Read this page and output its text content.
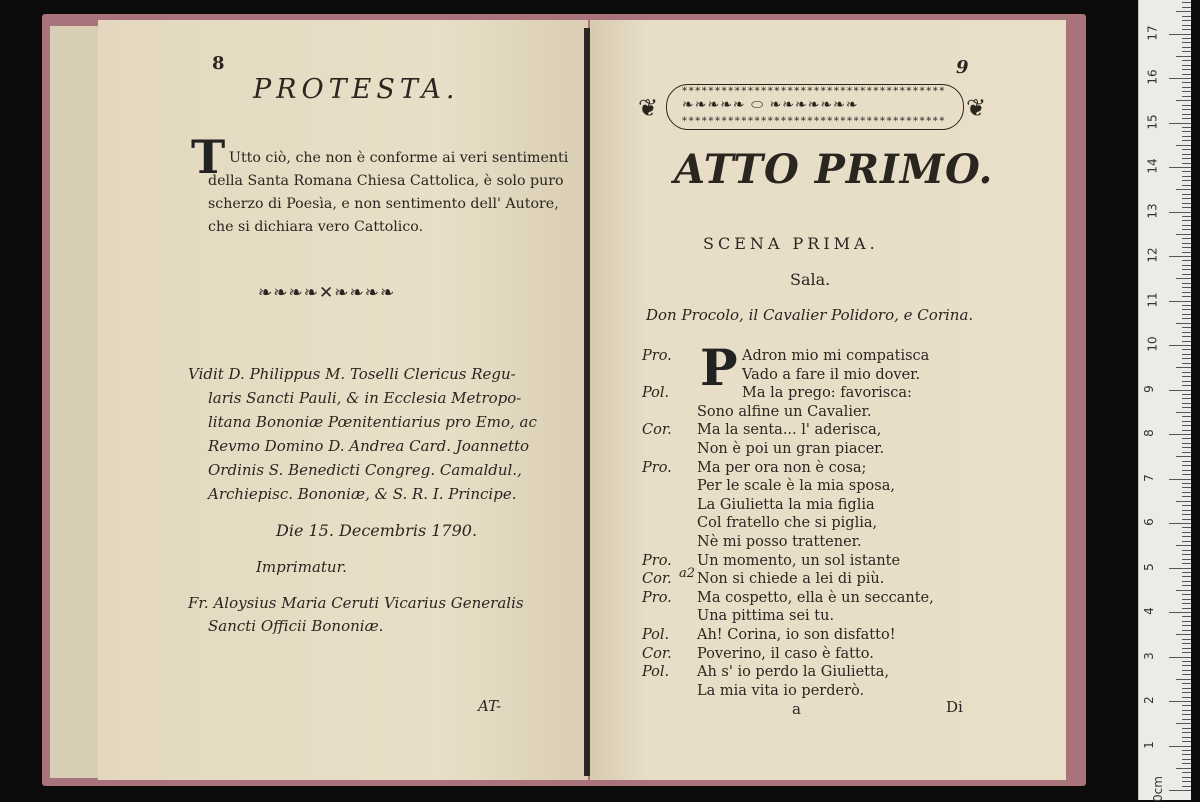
8
PROTESTA.
T Utto ciò, che non è conforme ai veri sentimenti
della Santa Romana Chiesa Cattolica, è solo puro
scherzo di Poesìa, e non sentimento dell' Autore,
che si dichiara vero Cattolico.
❧❧❧❧✕❧❧❧❧
Vidit D. Philippus M. Toselli Clericus Regu-
laris Sancti Pauli, & in Ecclesia Metropo-
litana Bononiæ Pœnitentiarius pro Emo, ac
Revmo Domino D. Andrea Card. Joannetto
Ordinis S. Benedicti Congreg. Camaldul.,
Archiepisc. Bononiæ, & S. R. I. Principe.
Die 15. Decembris 1790.
Imprimatur.
Fr. Aloysius Maria Ceruti Vicarius Generalis
Sancti Officii Bononiæ.
AT-
9
❦
****************************************
❧❧❧❧❧ ⬭ ❧❧❧❧❧❧❧
**************************************** ❦
ATTO PRIMO.
SCENA PRIMA.
Sala.
Don Procolo, il Cavalier Polidoro, e Corina.
P
Pro.	Adron mio mi compatisca
Vado a fare il mio dover.
Pol.	Ma la prego: favorisca:
Sono alfine un Cavalier.
Cor. Ma la senta... l' aderisca,
Non è poi un gran piacer.
Pro. Ma per ora non è cosa;
Per le scale è la mia sposa,
La Giulietta la mia figlia
Col fratello che si piglia,
Nè mi posso trattener.
Pro. Un momento, un sol istante
Cor. Non si chiede a lei di più.
Pro. Ma cospetto, ella è un seccante,
Una pittima sei tu.
Pol. Ah! Corina, io son disfatto!
Cor. Poverino, il caso è fatto.
Pol. Ah s' io perdo la Giulietta,
La mia vita io perderò.
a2
a	Di
0cm
1
2
3
4
5
6
7
8
9
10
11
12
13
14
15
16
17
